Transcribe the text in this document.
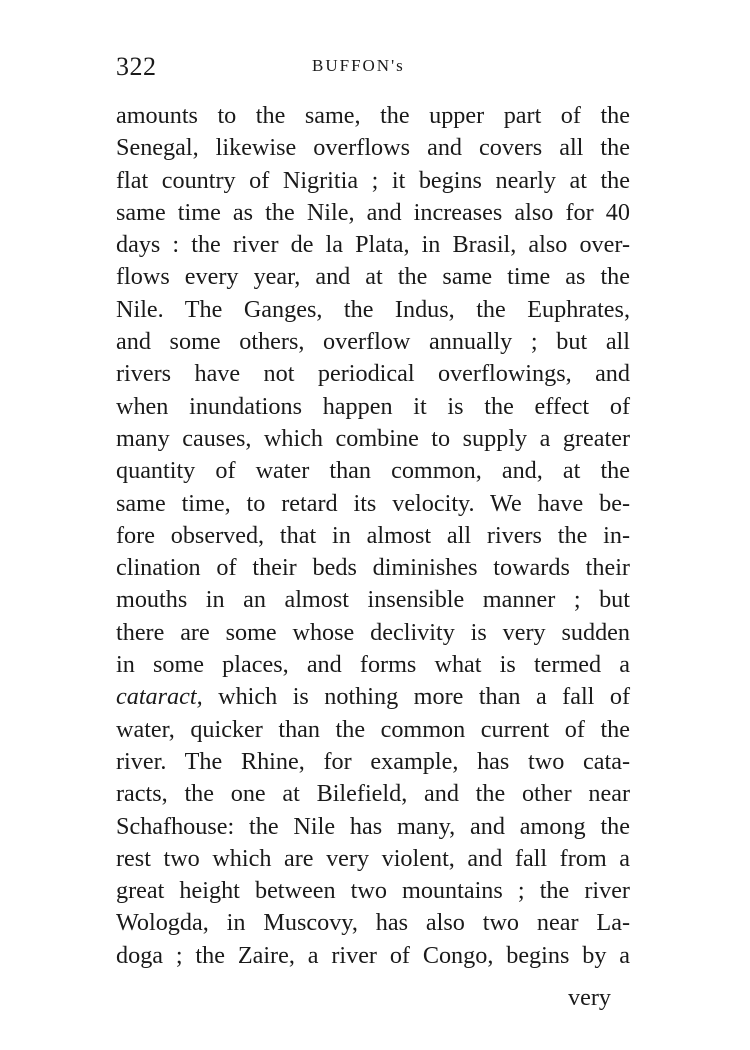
322	BUFFON's
amounts to the same, the upper part of the
Senegal, likewise overflows and covers all the
flat country of Nigritia ; it begins nearly at the
same time as the Nile, and increases also for 40
days : the river de la Plata, in Brasil, also over-
flows every year, and at the same time as the
Nile. The Ganges, the Indus, the Euphrates,
and some others, overflow annually ; but all
rivers have not periodical overflowings, and
when inundations happen it is the effect of
many causes, which combine to supply a greater
quantity of water than common, and, at the
same time, to retard its velocity. We have be-
fore observed, that in almost all rivers the in-
clination of their beds diminishes towards their
mouths in an almost insensible manner ; but
there are some whose declivity is very sudden
in some places, and forms what is termed a
cataract, which is nothing more than a fall of
water, quicker than the common current of the
river. The Rhine, for example, has two cata-
racts, the one at Bilefield, and the other near
Schafhouse: the Nile has many, and among the
rest two which are very violent, and fall from a
great height between two mountains ; the river
Wologda, in Muscovy, has also two near La-
doga ; the Zaire, a river of Congo, begins by a
very
